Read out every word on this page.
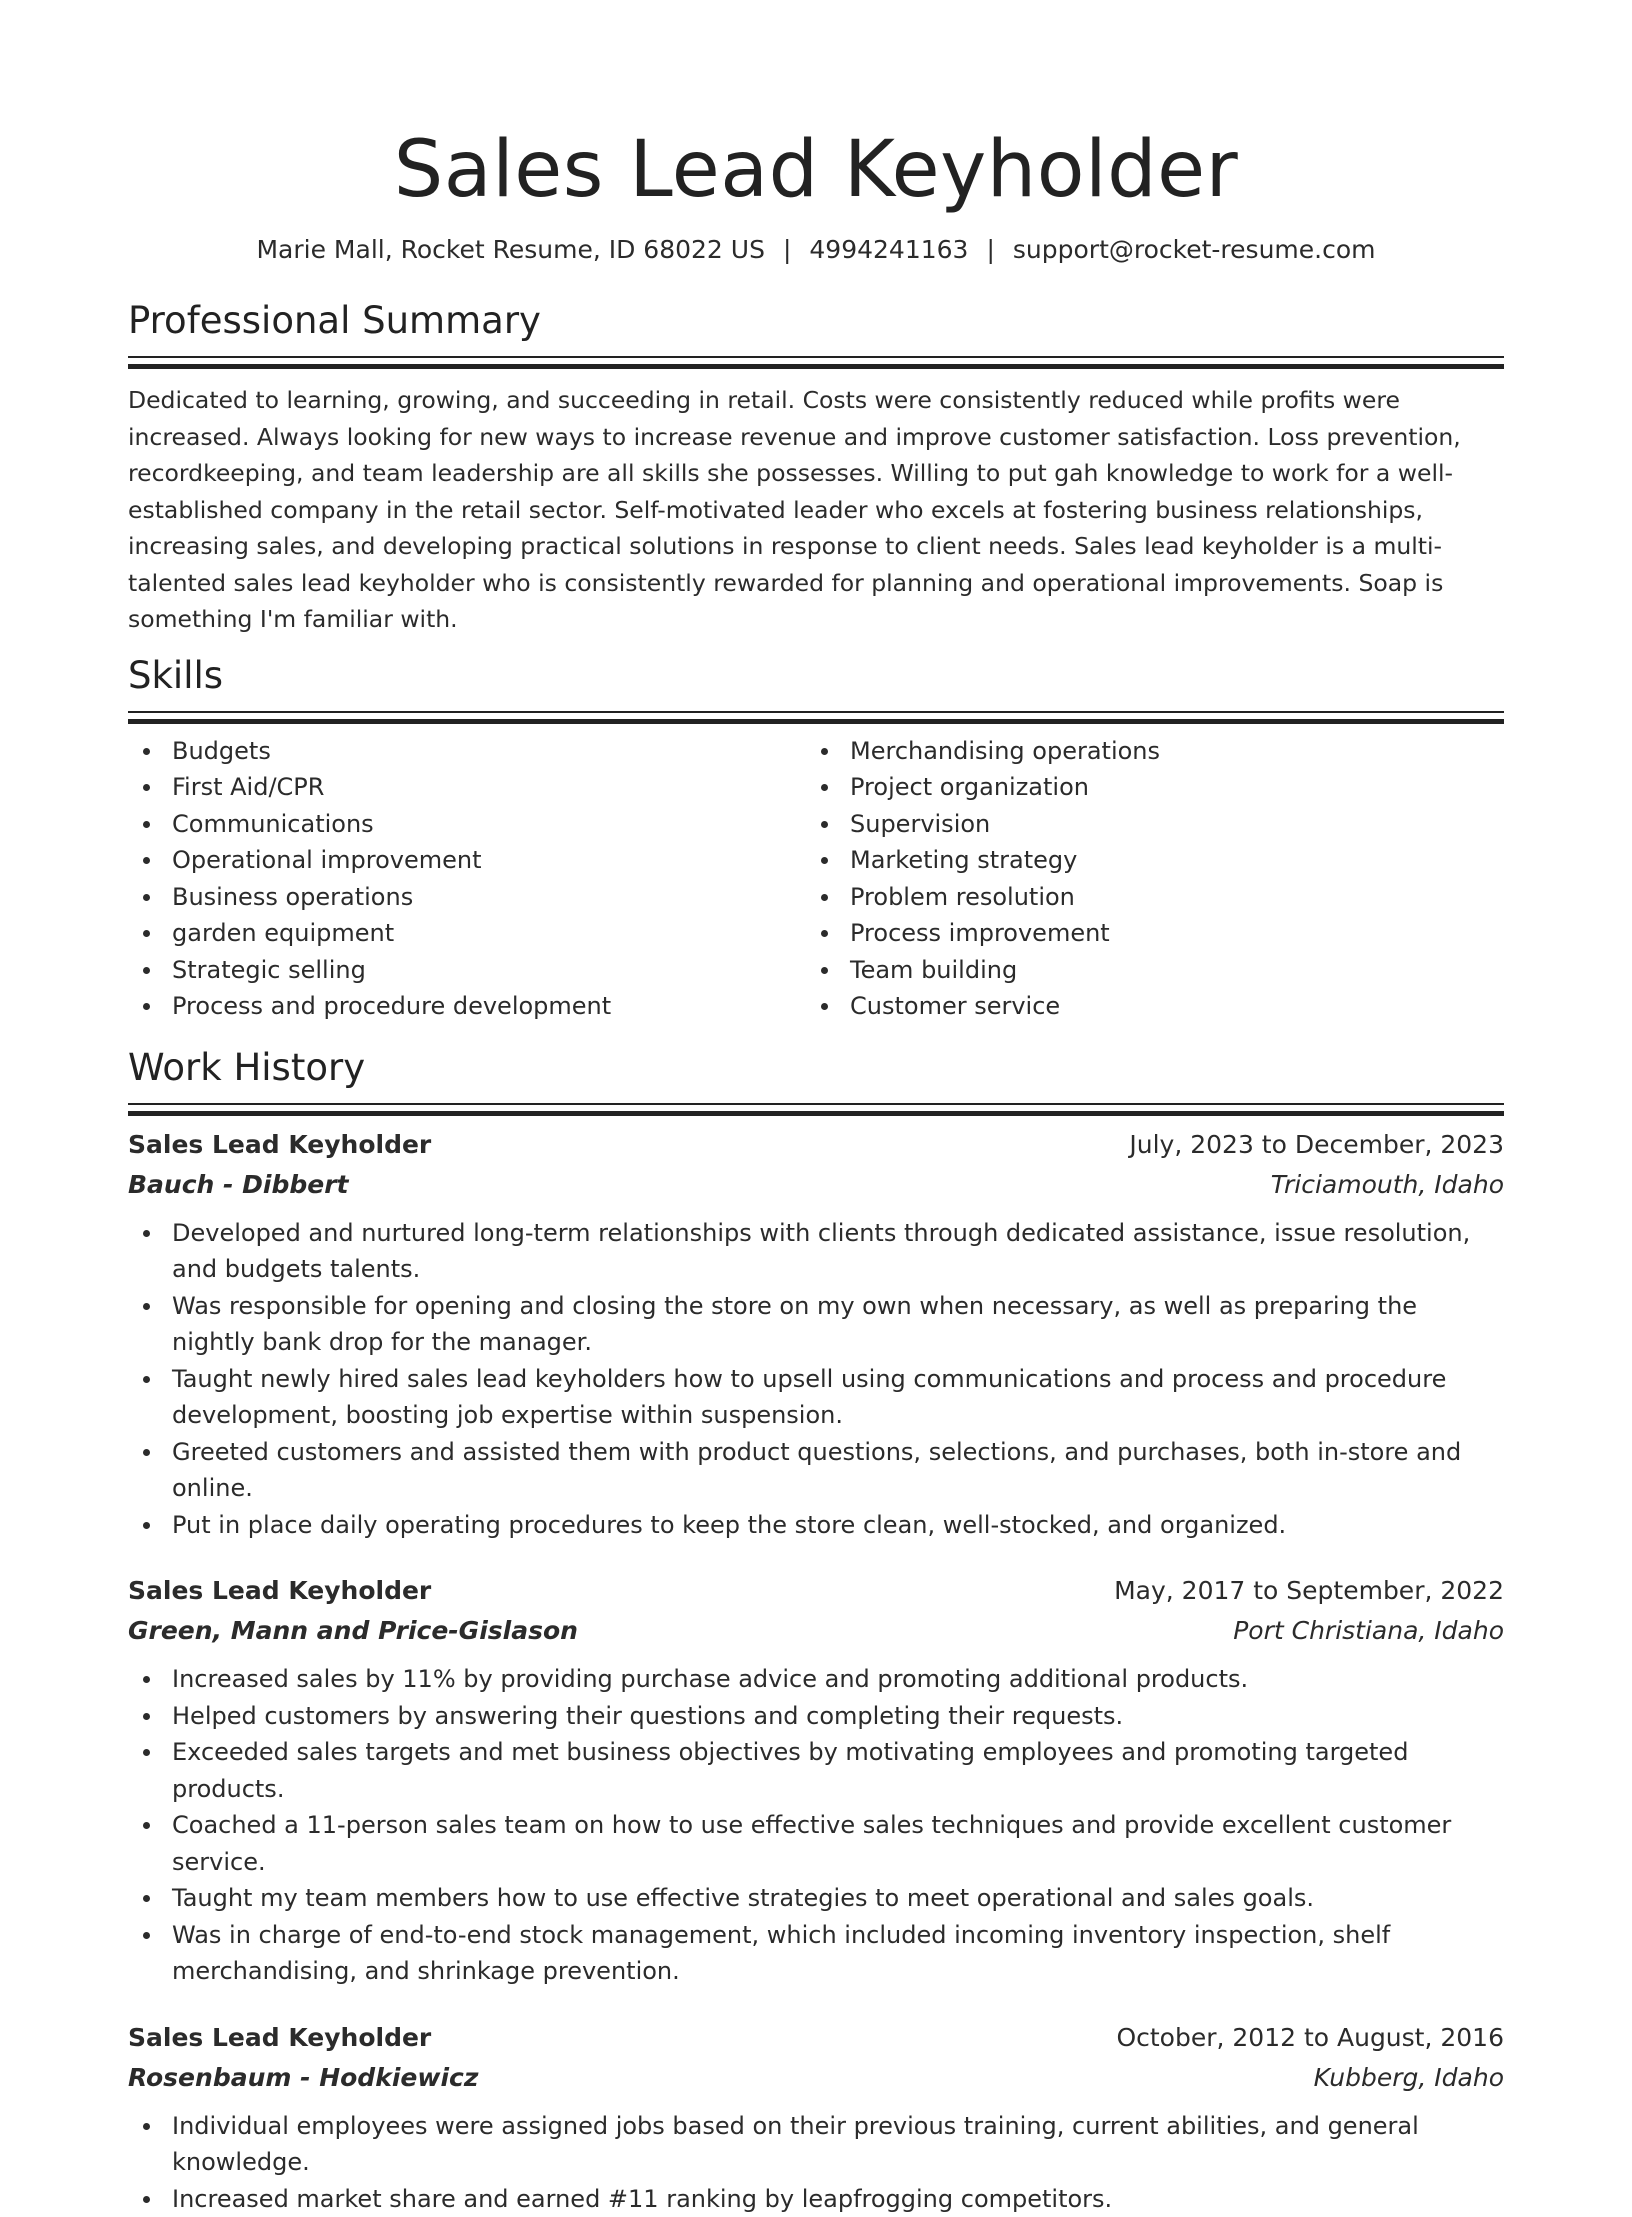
Sales Lead Keyholder
Marie Mall, Rocket Resume, ID 68022 US | 4994241163 | support@rocket-resume.com
Professional Summary
Dedicated to learning, growing, and succeeding in retail. Costs were consistently reduced while profits were increased. Always looking for new ways to increase revenue and improve customer satisfaction. Loss prevention, recordkeeping, and team leadership are all skills she possesses. Willing to put gah knowledge to work for a well-established company in the retail sector. Self-motivated leader who excels at fostering business relationships, increasing sales, and developing practical solutions in response to client needs. Sales lead keyholder is a multi-talented sales lead keyholder who is consistently rewarded for planning and operational improvements. Soap is something I'm familiar with.
Skills
Budgets
First Aid/CPR
Communications
Operational improvement
Business operations
garden equipment
Strategic selling
Process and procedure development
Merchandising operations
Project organization
Supervision
Marketing strategy
Problem resolution
Process improvement
Team building
Customer service
Work History
Sales Lead Keyholder	July, 2023 to December, 2023
Bauch - Dibbert	Triciamouth, Idaho
Developed and nurtured long-term relationships with clients through dedicated assistance, issue resolution, and budgets talents.
Was responsible for opening and closing the store on my own when necessary, as well as preparing the nightly bank drop for the manager.
Taught newly hired sales lead keyholders how to upsell using communications and process and procedure development, boosting job expertise within suspension.
Greeted customers and assisted them with product questions, selections, and purchases, both in-store and online.
Put in place daily operating procedures to keep the store clean, well-stocked, and organized.
Sales Lead Keyholder	May, 2017 to September, 2022
Green, Mann and Price-Gislason	Port Christiana, Idaho
Increased sales by 11% by providing purchase advice and promoting additional products.
Helped customers by answering their questions and completing their requests.
Exceeded sales targets and met business objectives by motivating employees and promoting targeted products.
Coached a 11-person sales team on how to use effective sales techniques and provide excellent customer service.
Taught my team members how to use effective strategies to meet operational and sales goals.
Was in charge of end-to-end stock management, which included incoming inventory inspection, shelf merchandising, and shrinkage prevention.
Sales Lead Keyholder	October, 2012 to August, 2016
Rosenbaum - Hodkiewicz	Kubberg, Idaho
Individual employees were assigned jobs based on their previous training, current abilities, and general knowledge.
Increased market share and earned #11 ranking by leapfrogging competitors.
